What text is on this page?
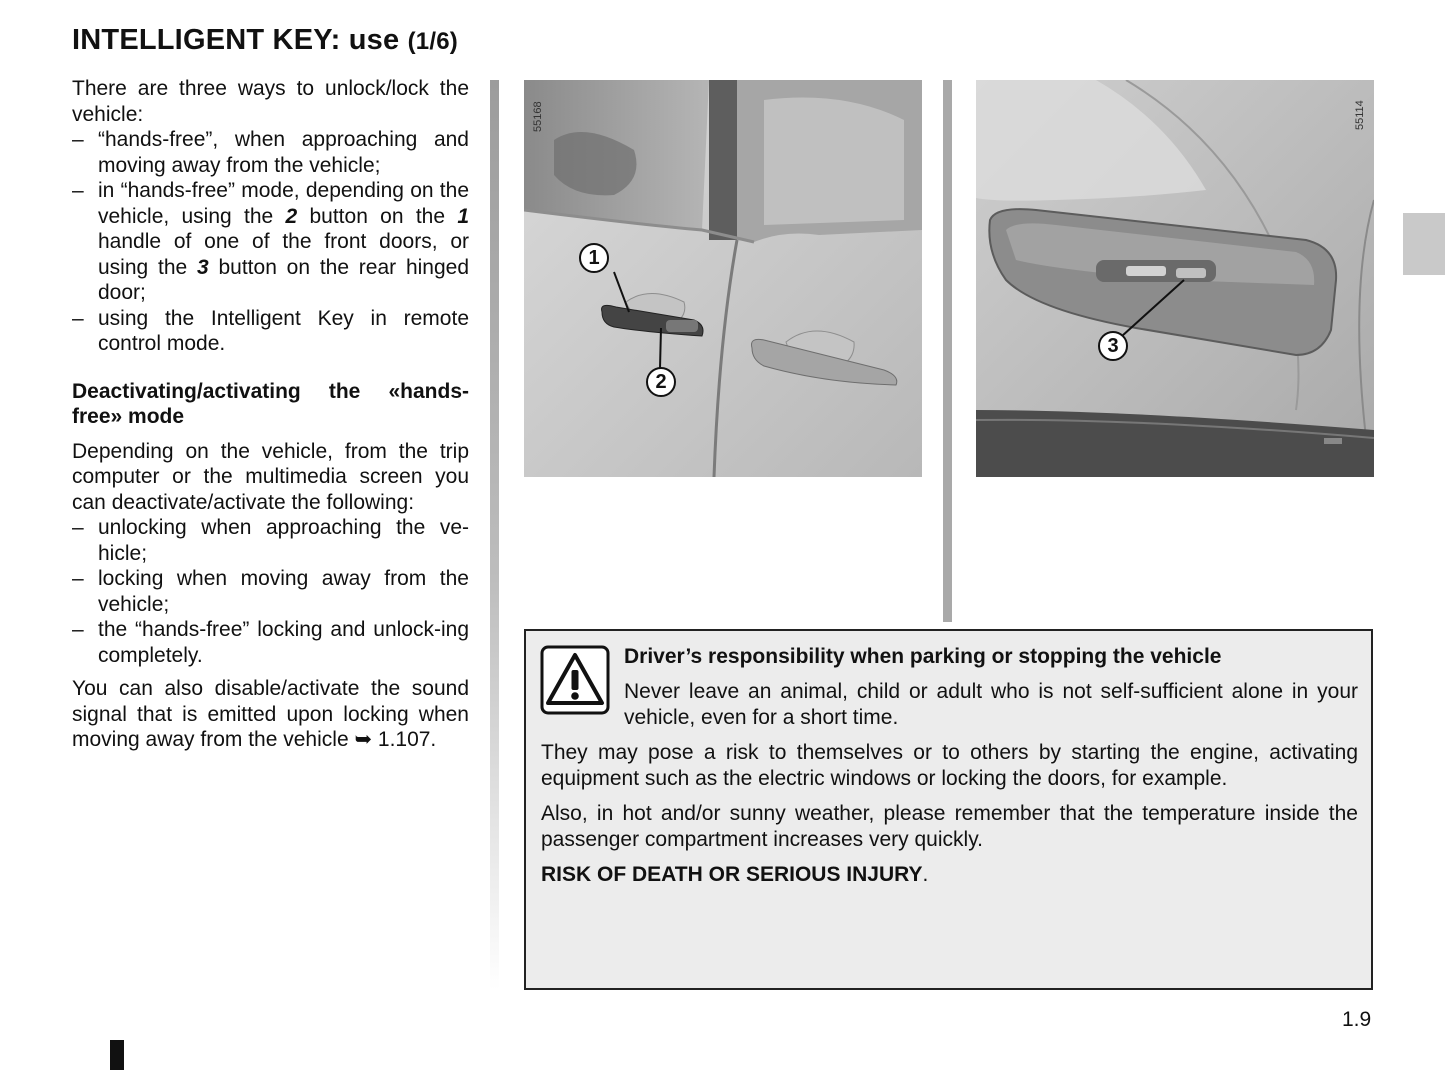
INTELLIGENT KEY: use (1/6)

There are three ways to unlock/lock the vehicle:

– “hands-free”, when approaching and moving away from the vehicle;
– in “hands-free” mode, depending on the vehicle, using the 2 button on the 1 handle of one of the front doors, or using the 3 button on the rear hinged door;
– using the Intelligent Key in remote control mode.

Deactivating/activating the «hands-free» mode

Depending on the vehicle, from the trip computer or the multimedia screen you can deactivate/activate the following:

– unlocking when approaching the ve-hicle;
– locking when moving away from the vehicle;
– the “hands-free” locking and unlock-ing completely.

You can also disable/activate the sound signal that is emitted upon locking when moving away from the vehicle ➥ 1.107.

55168
1
2
55114
3
Driver’s responsibility when parking or stopping the vehicle
Never leave an animal, child or adult who is not self-sufficient alone in your vehicle, even for a short time.

They may pose a risk to themselves or to others by starting the engine, activating equipment such as the electric windows or locking the doors, for example.

Also, in hot and/or sunny weather, please remember that the temperature inside the passenger compartment increases very quickly.

RISK OF DEATH OR SERIOUS INJURY.

1.9
